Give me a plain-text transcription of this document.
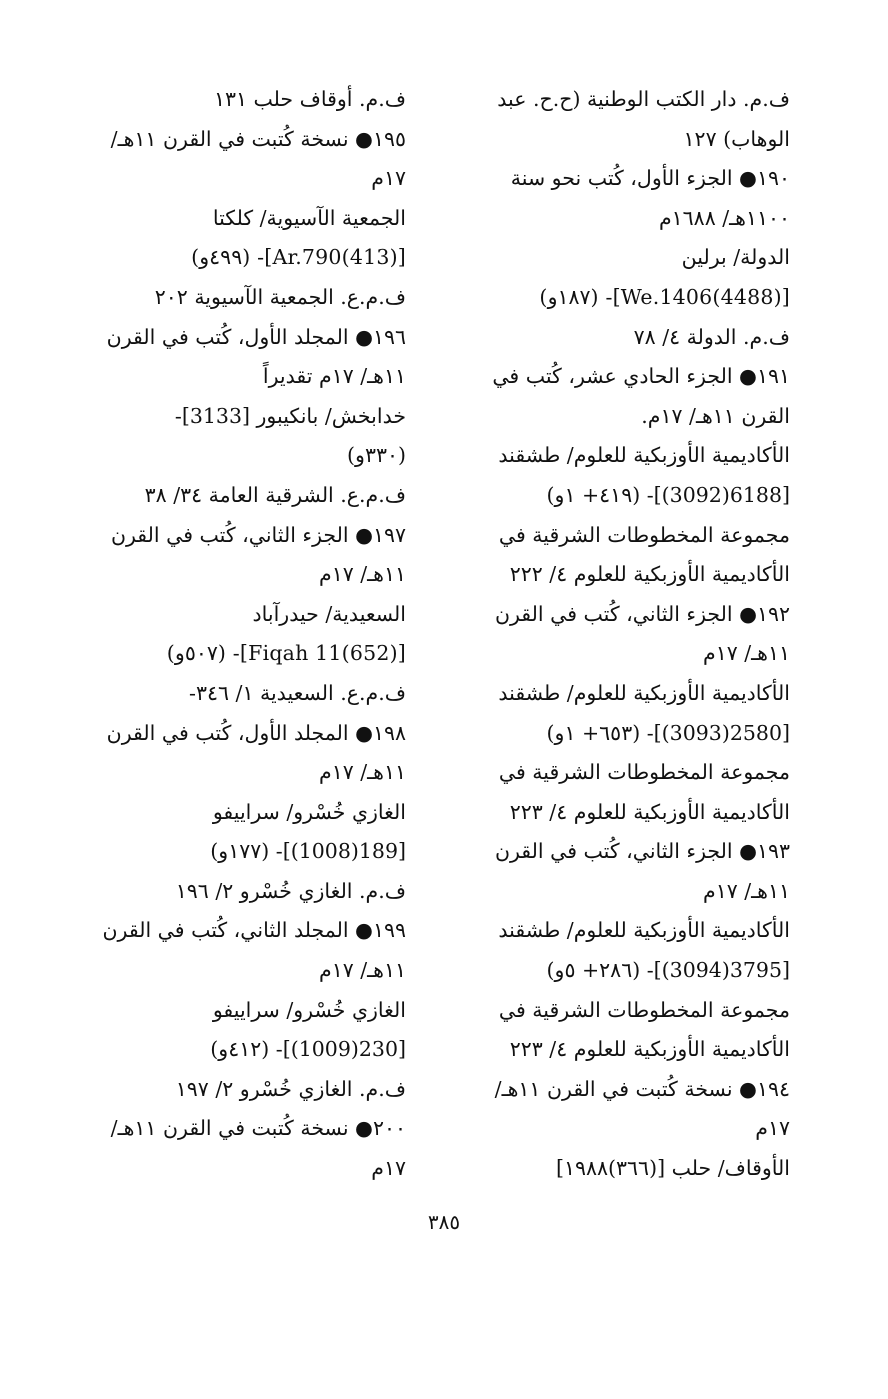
ف.م. دار الكتب الوطنية (ح.ح. عبد
الوهاب) ١٢٧
١٩٠● الجزء الأول، كُتب نحو سنة
١١٠٠هـ/ ١٦٨٨م
الدولة/ برلين
[We.1406(4488)]- (١٨٧و)
ف.م. الدولة ٤/ ٧٨
١٩١● الجزء الحادي عشر، كُتب في
القرن ١١هـ/ ١٧م.
الأكاديمية الأوزبكية للعلوم/ طشقند
[6188(3092)]- (٤١٩+ ١و)
مجموعة المخطوطات الشرقية في
الأكاديمية الأوزبكية للعلوم ٤/ ٢٢٢
١٩٢● الجزء الثاني، كُتب في القرن
١١هـ/ ١٧م
الأكاديمية الأوزبكية للعلوم/ طشقند
[2580(3093)]- (٦٥٣+ ١و)
مجموعة المخطوطات الشرقية في
الأكاديمية الأوزبكية للعلوم ٤/ ٢٢٣
١٩٣● الجزء الثاني، كُتب في القرن
١١هـ/ ١٧م
الأكاديمية الأوزبكية للعلوم/ طشقند
[3795(3094)]- (٢٨٦+ ٥و)
مجموعة المخطوطات الشرقية في
الأكاديمية الأوزبكية للعلوم ٤/ ٢٢٣
١٩٤● نسخة كُتبت في القرن ١١هـ/
١٧م
الأوقاف/ حلب [(٣٦٦)١٩٨٨]
ف.م. أوقاف حلب ١٣١
١٩٥● نسخة كُتبت في القرن ١١هـ/
١٧م
الجمعية الآسيوية/ كلكتا
[Ar.790(413)]- (٤٩٩و)
ف.م.ع. الجمعية الآسيوية ٢٠٢
١٩٦● المجلد الأول، كُتب في القرن
١١هـ/ ١٧م تقديراً
خدابخش/ بانكيبور [3133]-
(٣٣٠و)
ف.م.ع. الشرقية العامة ٣٤/ ٣٨
١٩٧● الجزء الثاني، كُتب في القرن
١١هـ/ ١٧م
السعيدية/ حيدرآباد
[Fiqah 11(652)]- (٥٠٧و)
ف.م.ع. السعيدية ١/ ٣٤٦-
١٩٨● المجلد الأول، كُتب في القرن
١١هـ/ ١٧م
الغازي خُسْرو/ سراييفو
[189(1008)]- (١٧٧و)
ف.م. الغازي خُسْرو ٢/ ١٩٦
١٩٩● المجلد الثاني، كُتب في القرن
١١هـ/ ١٧م
الغازي خُسْرو/ سراييفو
[230(1009)]- (٤١٢و)
ف.م. الغازي خُسْرو ٢/ ١٩٧
٢٠٠● نسخة كُتبت في القرن ١١هـ/
١٧م
٣٨٥
